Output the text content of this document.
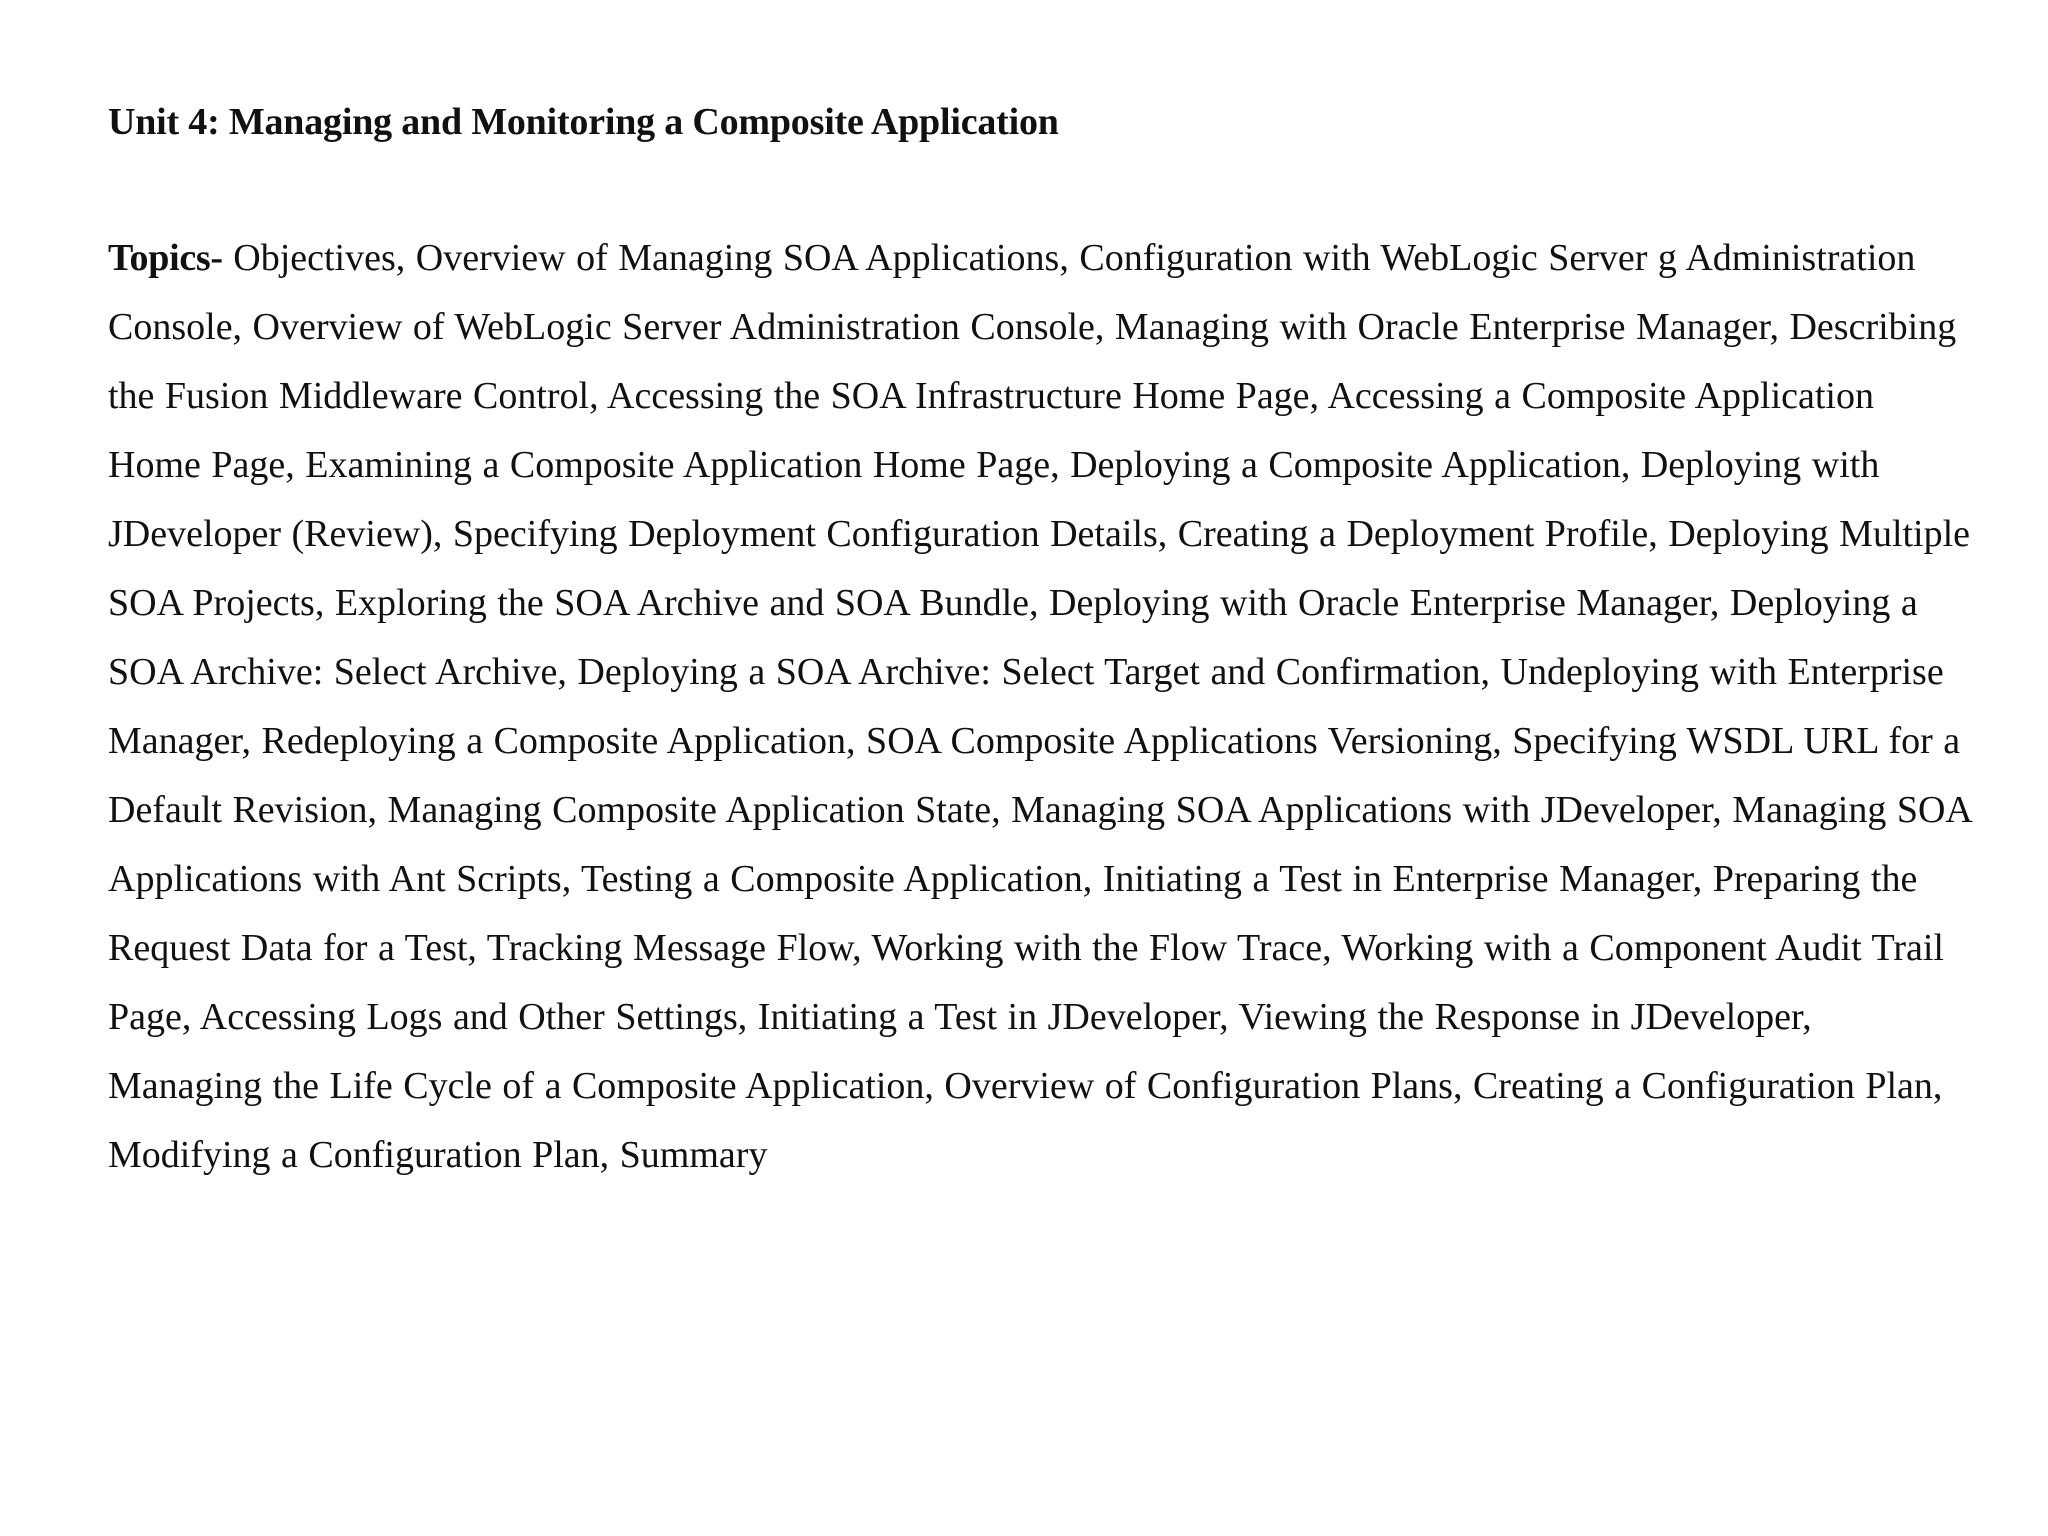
Unit 4: Managing and Monitoring a Composite Application

Topics- Objectives, Overview of Managing SOA Applications, Configuration with WebLogic Server g Administration Console, Overview of WebLogic Server Administration Console, Managing with Oracle Enterprise Manager, Describing the Fusion Middleware Control, Accessing the SOA Infrastructure Home Page, Accessing a Composite Application Home Page, Examining a Composite Application Home Page, Deploying a Composite Application, Deploying with JDeveloper (Review), Specifying Deployment Configuration Details, Creating a Deployment Profile, Deploying Multiple SOA Projects, Exploring the SOA Archive and SOA Bundle, Deploying with Oracle Enterprise Manager, Deploying a SOA Archive: Select Archive, Deploying a SOA Archive: Select Target and Confirmation, Undeploying with Enterprise Manager, Redeploying a Composite Application, SOA Composite Applications Versioning, Specifying WSDL URL for a Default Revision, Managing Composite Application State, Managing SOA Applications with JDeveloper, Managing SOA Applications with Ant Scripts, Testing a Composite Application, Initiating a Test in Enterprise Manager, Preparing the Request Data for a Test, Tracking Message Flow, Working with the Flow Trace, Working with a Component Audit Trail Page, Accessing Logs and Other Settings, Initiating a Test in JDeveloper, Viewing the Response in JDeveloper, Managing the Life Cycle of a Composite Application, Overview of Configuration Plans, Creating a Configuration Plan, Modifying a Configuration Plan, Summary
